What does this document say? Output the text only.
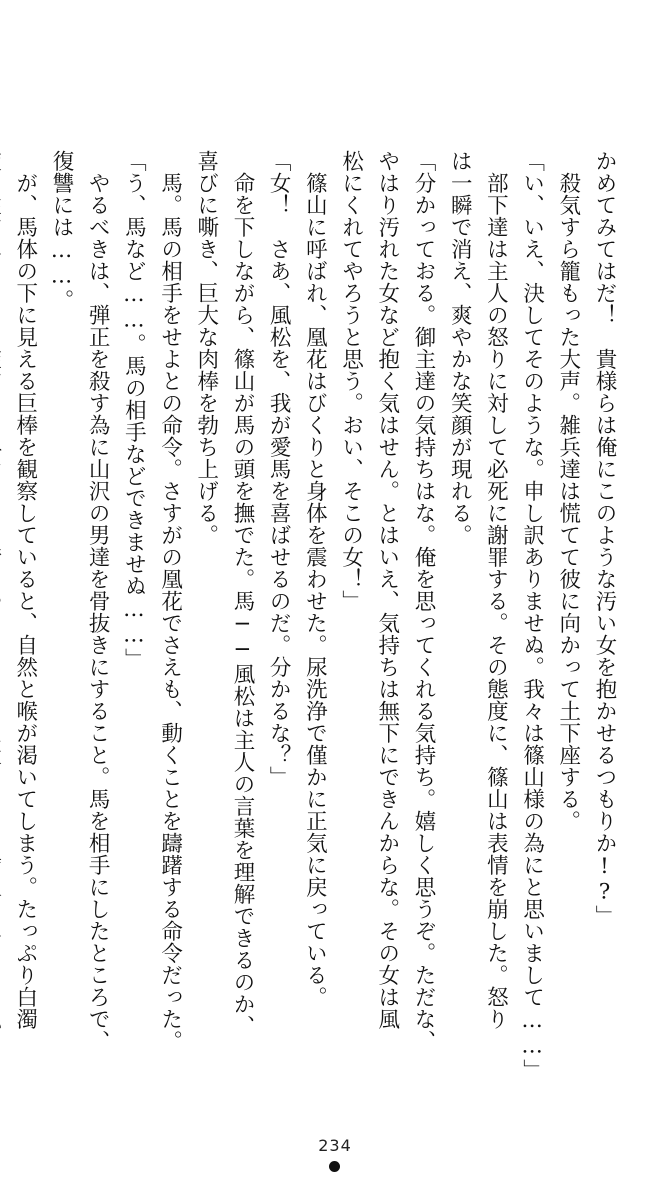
かめてみてはだ！　貴様らは俺にこのような汚い女を抱かせるつもりか!?」

　殺気すら籠もった大声。雑兵達は慌てて彼に向かって土下座する。

「い、いえ、決してそのような。申し訳ありませぬ。我々は篠山様の為にと思いまして……」

　部下達は主人の怒りに対して必死に謝罪する。その態度に、篠山は表情を崩した。怒り

は一瞬で消え、爽やかな笑顔が現れる。

「分かっておる。御主達の気持ちはな。俺を思ってくれる気持ち。嬉しく思うぞ。ただな、

やはり汚れた女など抱く気はせん。とはいえ、気持ちは無下にできんからな。その女は風

松にくれてやろうと思う。おい、そこの女！」

　篠山に呼ばれ、凰花はびくりと身体を震わせた。尿洗浄で僅かに正気に戻っている。

「女！　さあ、風松を、我が愛馬を喜ばせるのだ。分かるな？」

　命を下しながら、篠山が馬の頭を撫でた。馬──風松は主人の言葉を理解できるのか、

喜びに嘶き、巨大な肉棒を勃ち上げる。

　馬。馬の相手をせよとの命令。さすがの凰花でさえも、動くことを躊躇する命令だった。

「う、馬など……。馬の相手などできませぬ……」

　やるべきは、弾正を殺す為に山沢の男達を骨抜きにすること。馬を相手にしたところで、

復讐には……。

　が、馬体の下に見える巨棒を観察していると、自然と喉が渇いてしまう。たっぷり白濁

234
